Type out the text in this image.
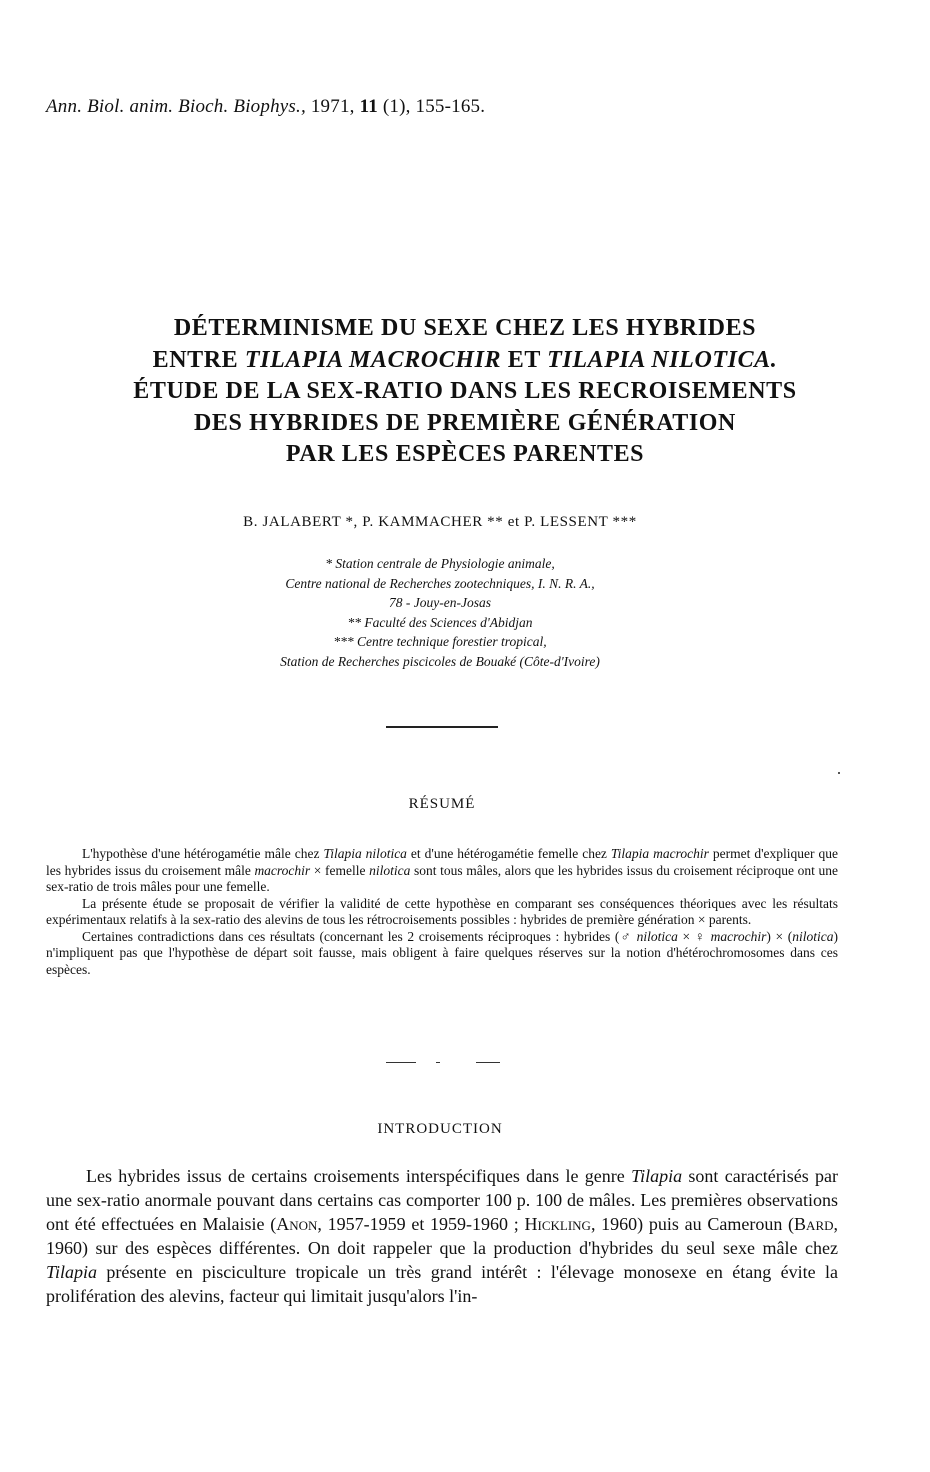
Ann. Biol. anim. Bioch. Biophys., 1971, 11 (1), 155-165.
DÉTERMINISME DU SEXE CHEZ LES HYBRIDES
ENTRE TILAPIA MACROCHIR ET TILAPIA NILOTICA.
ÉTUDE DE LA SEX-RATIO DANS LES RECROISEMENTS
DES HYBRIDES DE PREMIÈRE GÉNÉRATION
PAR LES ESPÈCES PARENTES
B. JALABERT *, P. KAMMACHER ** et P. LESSENT ***
* Station centrale de Physiologie animale,
Centre national de Recherches zootechniques, I. N. R. A.,
78 - Jouy-en-Josas
** Faculté des Sciences d'Abidjan
*** Centre technique forestier tropical,
Station de Recherches piscicoles de Bouaké (Côte-d'Ivoire)
RÉSUMÉ

L'hypothèse d'une hétérogamétie mâle chez Tilapia nilotica et d'une hétérogamétie femelle chez Tilapia macrochir permet d'expliquer que les hybrides issus du croisement mâle macrochir × femelle nilotica sont tous mâles, alors que les hybrides issus du croisement réciproque ont une sex-ratio de trois mâles pour une femelle.

La présente étude se proposait de vérifier la validité de cette hypothèse en comparant ses conséquences théoriques avec les résultats expérimentaux relatifs à la sex-ratio des alevins de tous les rétrocroisements possibles : hybrides de première génération × parents.

Certaines contradictions dans ces résultats (concernant les 2 croisements réciproques : hybrides (♂ nilotica × ♀ macrochir) × (nilotica) n'impliquent pas que l'hypothèse de départ soit fausse, mais obligent à faire quelques réserves sur la notion d'hétérochromosomes dans ces espèces.

INTRODUCTION

Les hybrides issus de certains croisements interspécifiques dans le genre Tilapia sont caractérisés par une sex-ratio anormale pouvant dans certains cas comporter 100 p. 100 de mâles. Les premières observations ont été effectuées en Malaisie (Anon, 1957-1959 et 1959-1960 ; Hickling, 1960) puis au Cameroun (Bard, 1960) sur des espèces différentes. On doit rappeler que la production d'hybrides du seul sexe mâle chez Tilapia présente en pisciculture tropicale un très grand intérêt : l'élevage monosexe en étang évite la prolifération des alevins, facteur qui limitait jusqu'alors l'in-
